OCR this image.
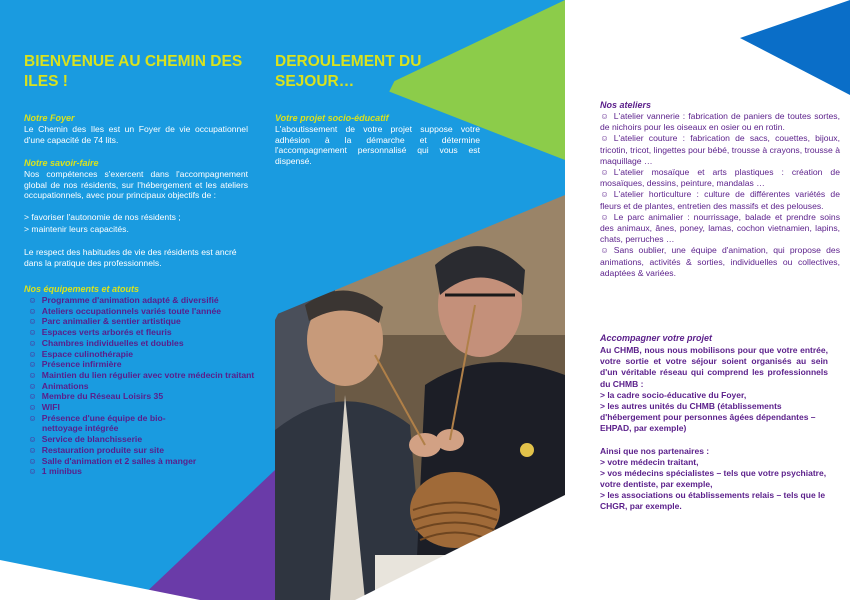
BIENVENUE AU CHEMIN DES ILES !

Notre Foyer

Le Chemin des Iles est un Foyer de vie occupationnel d'une capacité de 74 lits.

Notre savoir-faire

Nos compétences s'exercent dans l'accompagnement global de nos résidents, sur l'hébergement et les ateliers occupationnels, avec pour principaux objectifs de :

> favoriser l'autonomie de nos résidents ;

> maintenir leurs capacités.

Le respect des habitudes de vie des résidents est ancré dans la pratique des professionnels.

Nos équipements et atouts

☺ Programme d'animation adapté & diversifié
☺ Ateliers occupationnels variés toute l'année
☺ Parc animalier & sentier artistique
☺ Espaces verts arborés et fleuris
☺ Chambres individuelles et doubles
☺ Espace culinothérapie
☺ Présence infirmière
☺ Maintien du lien régulier avec votre médecin traitant
☺ Animations
☺ Membre du Réseau Loisirs 35
☺ WIFI
☺ Présence d'une équipe de bio-nettoyage intégrée
☺ Service de blanchisserie
☺ Restauration produite sur site
☺ Salle d'animation et 2 salles à manger
☺ 1 minibus
DEROULEMENT DU SEJOUR…

Votre projet socio-éducatif

L'aboutissement de votre projet suppose votre adhésion à la démarche et détermine l'accompagnement personnalisé qui vous est dispensé.

Nos ateliers

☺ L'atelier vannerie : fabrication de paniers de toutes sortes, de nichoirs pour les oiseaux en osier ou en rotin.
☺ L'atelier couture : fabrication de sacs, couettes, bijoux, tricotin, tricot, lingettes pour bébé, trousse à crayons, trousse à maquillage …
☺ L'atelier mosaïque et arts plastiques : création de mosaïques, dessins, peinture, mandalas …
☺ L'atelier horticulture : culture de différentes variétés de fleurs et de plantes, entretien des massifs et des pelouses.
☺ Le parc animalier : nourrissage, balade et prendre soins des animaux, ânes, poney, lamas, cochon vietnamien, lapins, chats, perruches …
☺ Sans oublier, une équipe d'animation, qui propose des animations, activités & sorties, individuelles ou collectives, adaptées & variées.

Accompagner votre projet

Au CHMB, nous nous mobilisons pour que votre entrée, votre sortie et votre séjour soient organisés au sein d'un véritable réseau qui comprend les professionnels du CHMB :

> la cadre socio-éducative du Foyer,

> les autres unités du CHMB (établissements d'hébergement pour personnes âgées dépendantes – EHPAD, par exemple)

Ainsi que nos partenaires :

> votre médecin traitant,

> vos médecins spécialistes – tels que votre psychiatre, votre dentiste, par exemple,

> les associations ou établissements relais – tels que le CHGR, par exemple.
